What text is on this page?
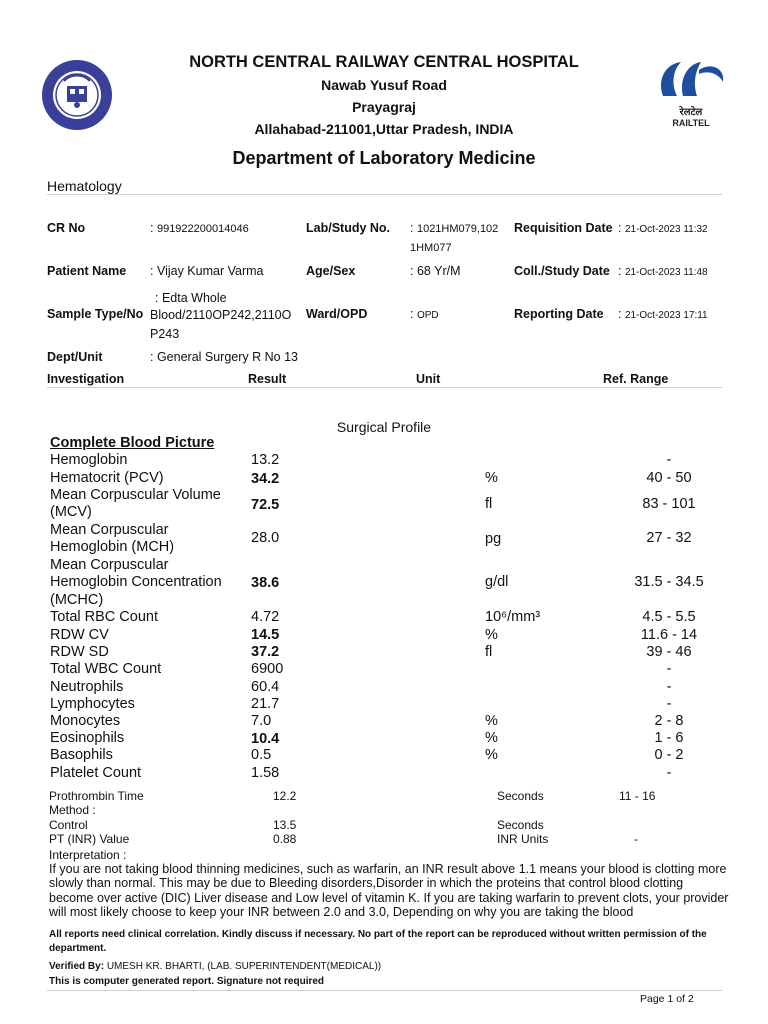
रेलटेल
RAILTEL
NORTH CENTRAL RAILWAY CENTRAL HOSPITAL
Nawab Yusuf Road
Prayagraj
Allahabad-211001,Uttar Pradesh, INDIA
Department of Laboratory Medicine
Hematology
CR No	: 991922200014046	Lab/Study No. : 1021HM079,102
1HM077
Requisition Date : 21-Oct-2023 11:32
Patient Name : Vijay Kumar Varma	Age/Sex	: 68 Yr/M	Coll./Study Date : 21-Oct-2023 11:48
: Edta Whole
Sample Type/No Blood/2110OP242,2110O
P243
Ward/OPD	: OPD	Reporting Date : 21-Oct-2023 17:11
Dept/Unit	: General Surgery R No 13
Investigation	Result	Unit	Ref. Range
Surgical Profile
Complete Blood Picture
Hemoglobin	13.2	-
Hematocrit (PCV)	34.2	%	40 - 50
Mean Corpuscular Volume
(MCV)	72.5	fl	83 - 101
Mean Corpuscular
Hemoglobin (MCH)
28.0	pg	27 - 32
Mean Corpuscular
Hemoglobin Concentration
(MCHC)
38.6	g/dl	31.5 - 34.5
Total RBC Count	4.72	10⁶/mm³	4.5 - 5.5
RDW CV	14.5	%	11.6 - 14
RDW SD	37.2	fl	39 - 46
Total WBC Count	6900	-
Neutrophils	60.4	-
Lymphocytes	21.7	-
Monocytes	7.0	%	2 - 8
Eosinophils	10.4	%	1 - 6
Basophils	0.5	%	0 - 2
Platelet Count	1.58	-
Prothrombin Time	12.2	Seconds	11 - 16
Method :
Control	13.5	Seconds
PT (INR) Value	0.88	INR Units	-
Interpretation :
If you are not taking blood thinning medicines, such as warfarin, an INR result above 1.1 means your blood is clotting more slowly than normal. This may be due to Bleeding disorders,Disorder in which the proteins that control blood clotting become over active (DIC) Liver disease and Low level of vitamin K. If you are taking warfarin to prevent clots, your provider will most likely choose to keep your INR between 2.0 and 3.0, Depending on why you are taking the blood
All reports need clinical correlation. Kindly discuss if necessary. No part of the report can be reproduced without written permission of the department.
Verified By: UMESH KR. BHARTI, (LAB. SUPERINTENDENT(MEDICAL))
This is computer generated report. Signature not required
Page 1 of 2
